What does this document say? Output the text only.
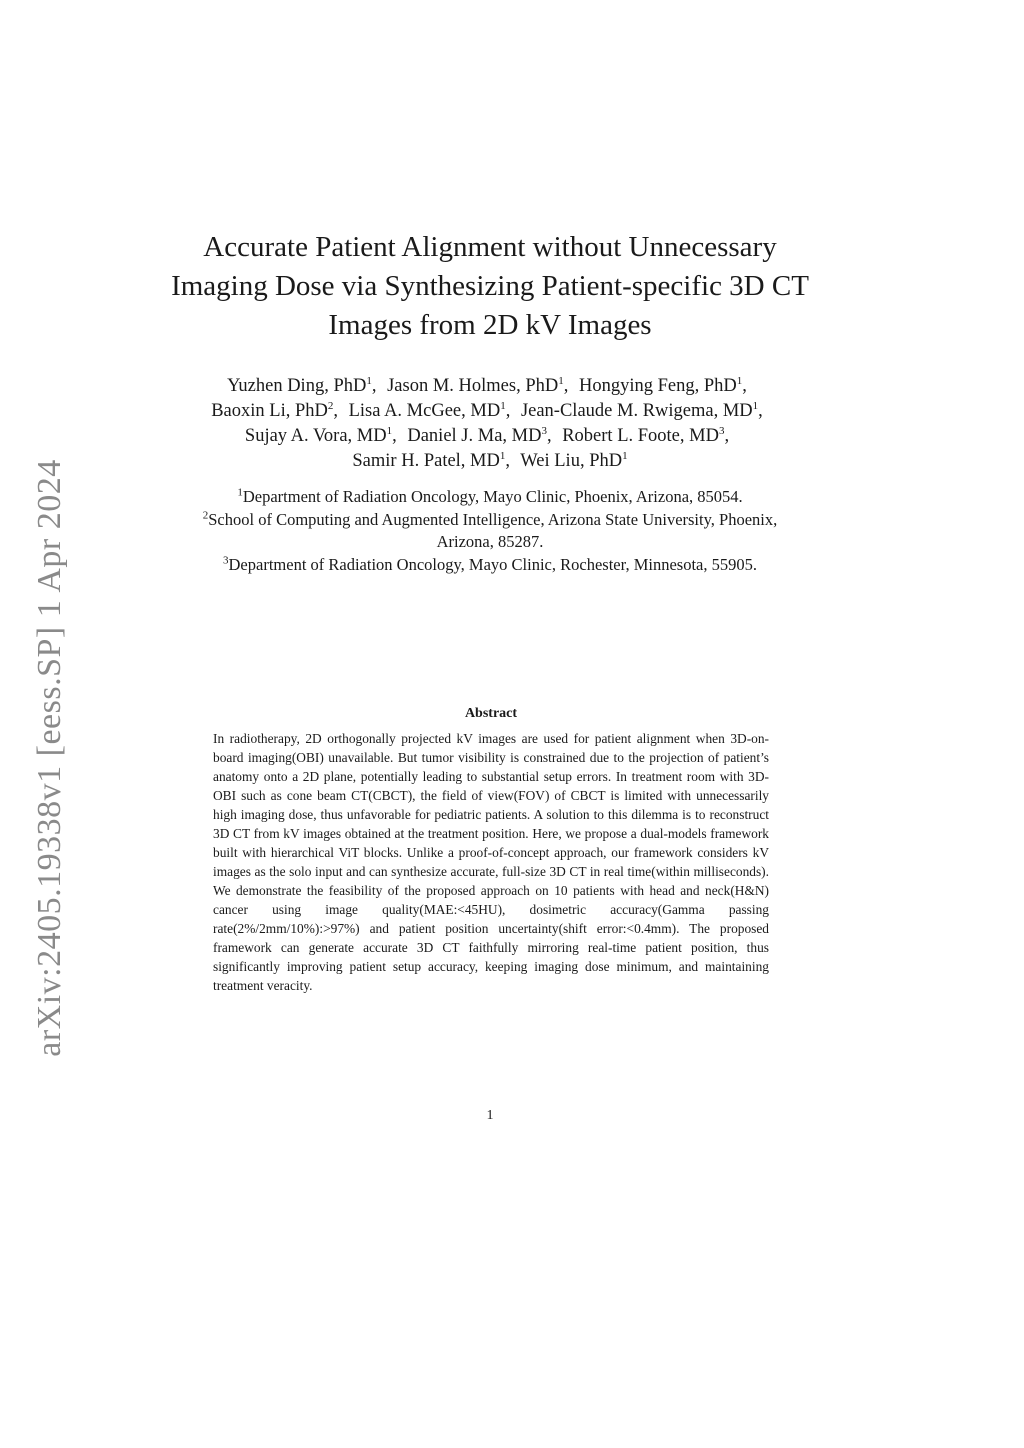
arXiv:2405.19338v1 [eess.SP] 1 Apr 2024
Accurate Patient Alignment without Unnecessary Imaging Dose via Synthesizing Patient-specific 3D CT Images from 2D kV Images
Yuzhen Ding, PhD$^1$, Jason M. Holmes, PhD$^1$, Hongying Feng, PhD$^1$, Baoxin Li, PhD$^2$, Lisa A. McGee, $MD^1$, Jean-Claude M. Rwigema, $MD^1$, Sujay A. Vora, $MD^1$, Daniel J. Ma, $MD^3$, Robert L. Foote, $MD^3$, Samir H. Patel, $MD^1$, Wei Liu, PhD$^1$
$^1$Department of Radiation Oncology, Mayo Clinic, Phoenix, Arizona, 85054.
$^2$School of Computing and Augmented Intelligence, Arizona State University, Phoenix, Arizona, 85287.
$^3$Department of Radiation Oncology, Mayo Clinic, Rochester, Minnesota, 55905.
Abstract

In radiotherapy, 2D orthogonally projected kV images are used for patient alignment when 3D-on-board imaging(OBI) unavailable. But tumor visibility is constrained due to the projection of patient’s anatomy onto a 2D plane, potentially leading to substantial setup errors. In treatment room with 3D-OBI such as cone beam CT(CBCT), the field of view(FOV) of CBCT is limited with unnecessarily high imaging dose, thus unfavorable for pediatric patients. A solution to this dilemma is to reconstruct 3D CT from kV images obtained at the treatment position. Here, we propose a dual-models framework built with hierarchical ViT blocks. Unlike a proof-of-concept approach, our framework considers kV images as the solo input and can synthesize accurate, full-size 3D CT in real time(within milliseconds). We demonstrate the feasibility of the proposed approach on 10 patients with head and neck(H&N) cancer using image quality(MAE:<45HU), dosimetric accuracy(Gamma passing rate(2%/2mm/10%):>97%) and patient position uncertainty(shift error:<0.4mm). The proposed framework can generate accurate 3D CT faithfully mirroring real-time patient position, thus significantly improving patient setup accuracy, keeping imaging dose minimum, and maintaining treatment veracity.

1
